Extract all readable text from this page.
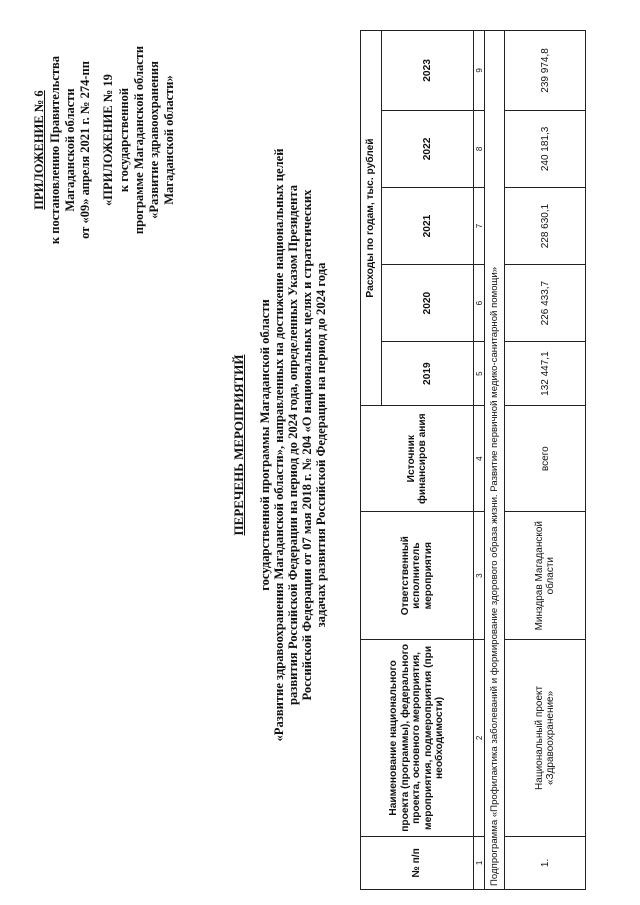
ПРИЛОЖЕНИЕ № 6 к постановлению Правительства Магаданской области от «09» апреля 2021 г. № 274-пп «ПРИЛОЖЕНИЕ № 19 к государственной программе Магаданской области «Развитие здравоохранения Магаданской области»
ПЕРЕЧЕНЬ МЕРОПРИЯТИЙ государственной программы Магаданской области «Развитие здравоохранения Магаданской области», направленных на достижение национальных целей развития Российской Федерации на период до 2024 года, определенных Указом Президента Российской Федерации от 07 мая 2018 г. № 204 «О национальных целях и стратегических задачах развития Российской Федерации на период до 2024 года
№ п/п	Наименование национального проекта (программы), федерального проекта, основного мероприятия, мероприятия, подмероприятия (при необходимости)	Ответственный исполнитель мероприятия	Источник финансиров ания	Расходы по годам, тыс. рублей				
				2019	2020	2021	2022	2023
1	2	3	4	5	6	7	8	9
Подпрограмма «Профилактика заболеваний и формирование здорового образа жизни. Развитие первичной медико-санитарной помощи»								
1.	Национальный проект «Здравоохранение»	Минздрав Магаданской области	всего	132 447,1	226 433,7	228 630,1	240 181,3	239 974,8
